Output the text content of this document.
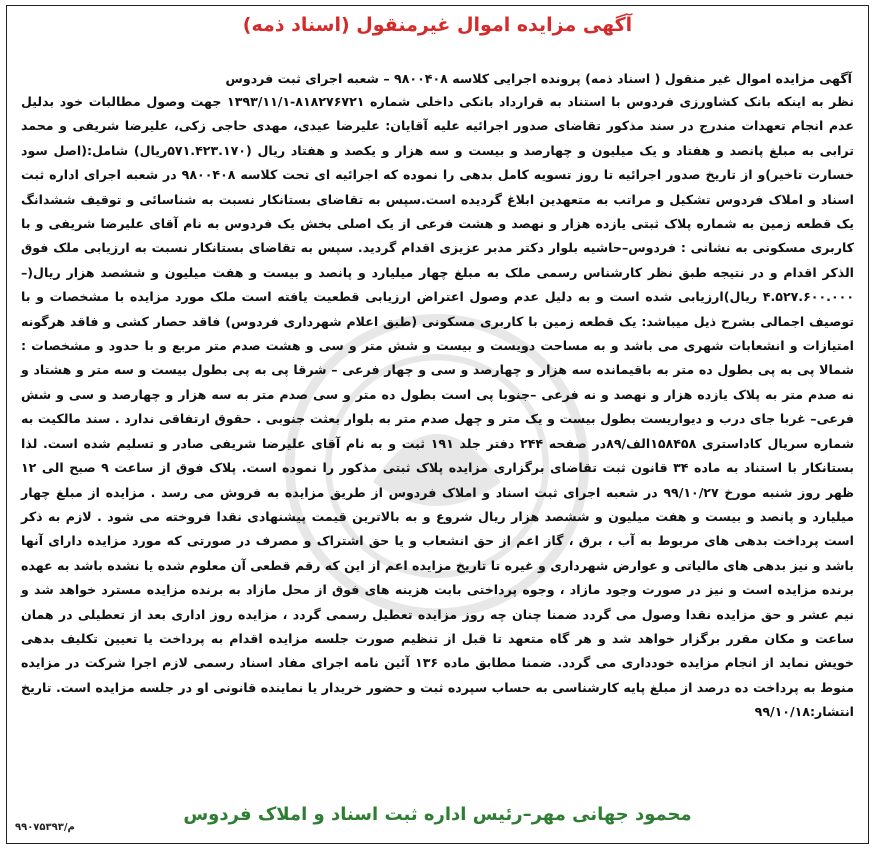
آگهی مزایده اموال غیرمنقول (اسناد ذمه)
آگهی مزایده اموال غیر منقول ( اسناد ذمه) پرونده اجرایی کلاسه ۹۸۰۰۴۰۸ – شعبه اجرای ثبت فردوس
نظر به اینکه بانک کشاورزی فردوس با استناد به قرارداد بانکی داخلی شماره ۸۱۸۲۷۶۷۲۱-۱۳۹۳/۱۱/۱ جهت وصول مطالبات خود بدلیل عدم انجام تعهدات مندرج در سند مذکور تقاضای صدور اجرائیه علیه آقایان: علیرضا عیدی، مهدی حاجی زکی، علیرضا شریفی و محمد ترابی به مبلغ پانصد و هفتاد و یک میلیون و چهارصد و بیست و سه هزار و یکصد و هفتاد ریال (۵۷۱.۴۲۳.۱۷۰ریال) شامل:(اصل سود خسارت تاخیر)و از تاریخ صدور اجرائیه تا روز تسویه کامل بدهی را نموده که اجرائیه ای تحت کلاسه ۹۸۰۰۴۰۸ در شعبه اجرای اداره ثبت اسناد و املاک فردوس تشکیل و مراتب به متعهدین ابلاغ گردیده است.سپس به تقاضای بستانکار نسبت به شناسائی و توقیف ششدانگ یک قطعه زمین به شماره پلاک ثبتی یازده هزار و نهصد و هشت فرعی از یک اصلی بخش یک فردوس به نام آقای علیرضا شریفی و با کاربری مسکونی به نشانی : فردوس–حاشیه بلوار دکتر مدبر عزیزی اقدام گردید. سپس به تقاضای بستانکار نسبت به ارزیابی ملک فوق الذکر اقدام و در نتیجه طبق نظر کارشناس رسمی ملک به مبلغ چهار میلیارد و پانصد و بیست و هفت میلیون و ششصد هزار ریال(–۴.۵۲۷.۶۰۰.۰۰۰ ریال)ارزیابی شده است و به دلیل عدم وصول اعتراض ارزیابی قطعیت یافته است ملک مورد مزایده با مشخصات و با توصیف اجمالی بشرح ذیل میباشد: یک قطعه زمین با کاربری مسکونی (طبق اعلام شهرداری فردوس) فاقد حصار کشی و فاقد هرگونه امتیازات و انشعابات شهری می باشد و به مساحت دویست و بیست و شش متر و سی و هشت صدم متر مربع و با حدود و مشخصات : شمالا پی به پی بطول ده متر به باقیمانده سه هزار و چهارصد و سی و چهار فرعی – شرقا پی به پی بطول بیست و سه متر و هشتاد و نه صدم متر به پلاک یازده هزار و نهصد و نه فرعی –جنوبا پی است بطول ده متر و سی صدم متر به سه هزار و چهارصد و سی و شش فرعی– غربا جای درب و دیواریست بطول بیست و یک متر و چهل صدم متر به بلوار بعثت جنوبی . حقوق ارتفاقی ندارد . سند مالکیت به شماره سریال کاداستری ۱۵۸۴۵۸الف/۸۹در صفحه ۲۴۴ دفتر جلد ۱۹۱ ثبت و به نام آقای علیرضا شریفی صادر و تسلیم شده است. لذا بستانکار با استناد به ماده ۳۴ قانون ثبت تقاضای برگزاری مزایده پلاک ثبتی مذکور را نموده است. پلاک فوق از ساعت ۹ صبح الی ۱۲ ظهر روز شنبه مورخ ۹۹/۱۰/۲۷ در شعبه اجرای ثبت اسناد و املاک فردوس از طریق مزایده به فروش می رسد . مزایده از مبلغ چهار میلیارد و پانصد و بیست و هفت میلیون و ششصد هزار ریال شروع و به بالاترین قیمت پیشنهادی نقدا فروخته می شود . لازم به ذکر است پرداخت بدهی های مربوط به آب ، برق ، گاز اعم از حق انشعاب و یا حق اشتراک و مصرف در صورتی که مورد مزایده دارای آنها باشد و نیز بدهی های مالیاتی و عوارض شهرداری و غیره تا تاریخ مزایده اعم از این که رقم قطعی آن معلوم شده یا نشده باشد به عهده برنده مزایده است و نیز در صورت وجود مازاد ، وجوه پرداختی بابت هزینه های فوق از محل مازاد به برنده مزایده مسترد خواهد شد و نیم عشر و حق مزایده نقدا وصول می گردد ضمنا چنان چه روز مزایده تعطیل رسمی گردد ، مزایده روز اداری بعد از تعطیلی در همان ساعت و مکان مقرر برگزار خواهد شد و هر گاه متعهد تا قبل از تنظیم صورت جلسه مزایده اقدام به پرداخت یا تعیین تکلیف بدهی خویش نماید از انجام مزایده خودداری می گردد. ضمنا مطابق ماده ۱۳۶ آئین نامه اجرای مفاد اسناد رسمی لازم اجرا شرکت در مزایده منوط به پرداخت ده درصد از مبلغ پایه کارشناسی به حساب سپرده ثبت و حضور خریدار یا نماینده قانونی او در جلسه مزایده است. تاریخ انتشار:۹۹/۱۰/۱۸
محمود جهانی مهر–رئیس اداره ثبت اسناد و املاک فردوس
م/۹۹۰۷۵۳۹۳
